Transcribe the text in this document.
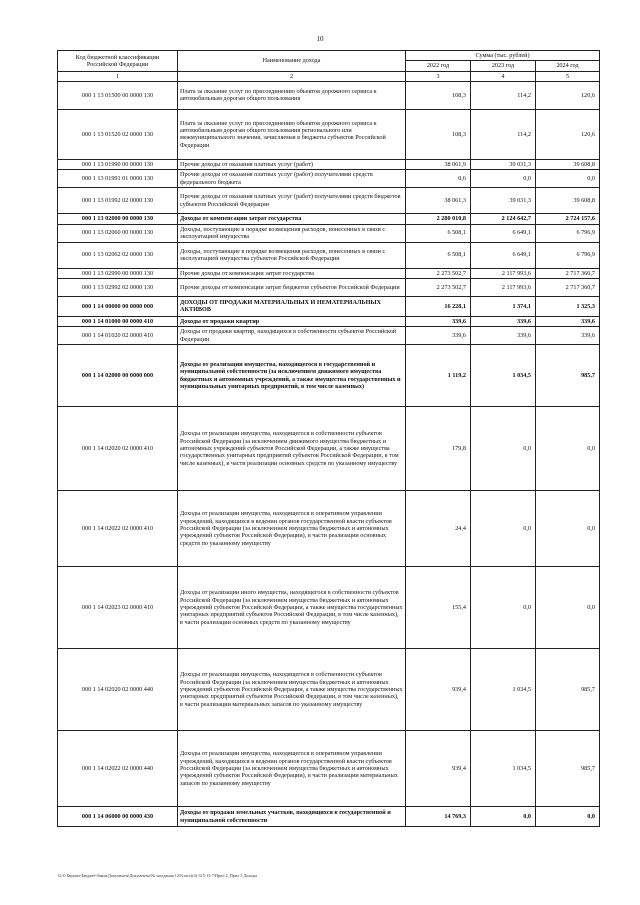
10
Код бюджетной классификации Российской Федерации	Наименование дохода	Сумма (тыс. рублей)		
		2022 год	2023 год	2024 год
1	2	3	4	5
000 1 13 01500 00 0000 130	Плата за оказание услуг по присоединению объектов дорожного сервиса к автомобильным дорогам общего пользования	108,3	114,2	120,6
000 1 13 01520 02 0000 130	Плата за оказание услуг по присоединению объектов дорожного сервиса к автомобильным дорогам общего пользования регионального или межмуниципального значения, зачисляемая в бюджеты субъектов Российской Федерации	108,3	114,2	120,6
000 1 13 01990 00 0000 130	Прочие доходы от оказания платных услуг (работ)	38 061,9	39 031,3	39 608,8
000 1 13 01991 01 0000 130	Прочие доходы от оказания платных услуг (работ) получателями средств федерального бюджета	0,6	0,0	0,0
000 1 13 01992 02 0000 130	Прочие доходы от оказания платных услуг (работ) получателями средств бюджетов субъектов Российской Федерации	38 061,3	39 031,3	39 608,8
000 1 13 02000 00 0000 130	Доходы от компенсации затрат государства	2 280 010,8	2 124 642,7	2 724 157,6
000 1 13 02060 00 0000 130	Доходы, поступающие в порядке возмещения расходов, понесенных в связи с эксплуатацией имущества	6 508,1	6 649,1	6 796,9
000 1 13 02062 02 0000 130	Доходы, поступающие в порядке возмещения расходов, понесенных в связи с эксплуатацией имущества субъектов Российской Федерации	6 508,1	6 649,1	6 796,9
000 1 13 02990 00 0000 130	Прочие доходы от компенсации затрат государства	2 273 502,7	2 117 993,6	2 717 360,7
000 1 13 02992 02 0000 130	Прочие доходы от компенсации затрат бюджетов субъектов Российской Федерации	2 273 502,7	2 117 993,6	2 717 360,7
000 1 14 00000 00 0000 000	ДОХОДЫ ОТ ПРОДАЖИ МАТЕРИАЛЬНЫХ И НЕМАТЕРИАЛЬНЫХ АКТИВОВ	16 228,1	1 374,1	1 325,3
000 1 14 01000 00 0000 410	Доходы от продажи квартир	339,6	339,6	339,6
000 1 14 01020 02 0000 410	Доходы от продажи квартир, находящихся в собственности субъектов Российской Федерации	339,6	339,6	339,6
000 1 14 02000 00 0000 000	Доходы от реализации имущества, находящегося в государственной и муниципальной собственности (за исключением движимого имущества бюджетных и автономных учреждений, а также имущества государственных и муниципальных унитарных предприятий, в том числе казенных)	1 119,2	1 034,5	985,7
000 1 14 02020 02 0000 410	Доходы от реализации имущества, находящегося в собственности субъектов Российской Федерации (за исключением движимого имущества бюджетных и автономных учреждений субъектов Российской Федерации, а также имущества государственных унитарных предприятий субъектов Российской Федерации, в том числе казенных), в части реализации основных средств по указанному имуществу	179,8	0,0	0,0
000 1 14 02022 02 0000 410	Доходы от реализации имущества, находящегося в оперативном управлении учреждений, находящихся в ведении органов государственной власти субъектов Российской Федерации (за исключением имущества бюджетных и автономных учреждений субъектов Российской Федерации), в части реализации основных средств по указанному имуществу	24,4	0,0	0,0
000 1 14 02023 02 0000 410	Доходы от реализации иного имущества, находящегося в собственности субъектов Российской Федерации (за исключением имущества бюджетных и автономных учреждений субъектов Российской Федерации, а также имущества государственных унитарных предприятий субъектов Российской Федерации, в том числе казенных), в части реализации основных средств по указанному имуществу	155,4	0,0	0,0
000 1 14 02020 02 0000 440	Доходы от реализации имущества, находящегося в собственности субъектов Российской Федерации (за исключением имущества бюджетных и автономных учреждений субъектов Российской Федерации, а также имущества государственных унитарных предприятий субъектов Российской Федерации, в том числе казенных), в части реализации материальных запасов по указанному имуществу	939,4	1 034,5	985,7
000 1 14 02022 02 0000 440	Доходы от реализации имущества, находящегося в оперативном управлении учреждений, находящихся в ведении органов государственной власти субъектов Российской Федерации (за исключением имущества бюджетных и автономных учреждений субъектов Российской Федерации), в части реализации материальных запасов по указанному имуществу	939,4	1 034,5	985,7
000 1 14 06000 00 0000 430	Доходы от продажи земельных участков, находящихся в государственной и муниципальной собственности	14 769,3	0,0	0,0
G:\0 Бюджет\Бюджет\Закон\Документы\Документы\№ заседания 125\(ruce)(4)-315-13-7\Прил 2_Прил 3 Доходы
